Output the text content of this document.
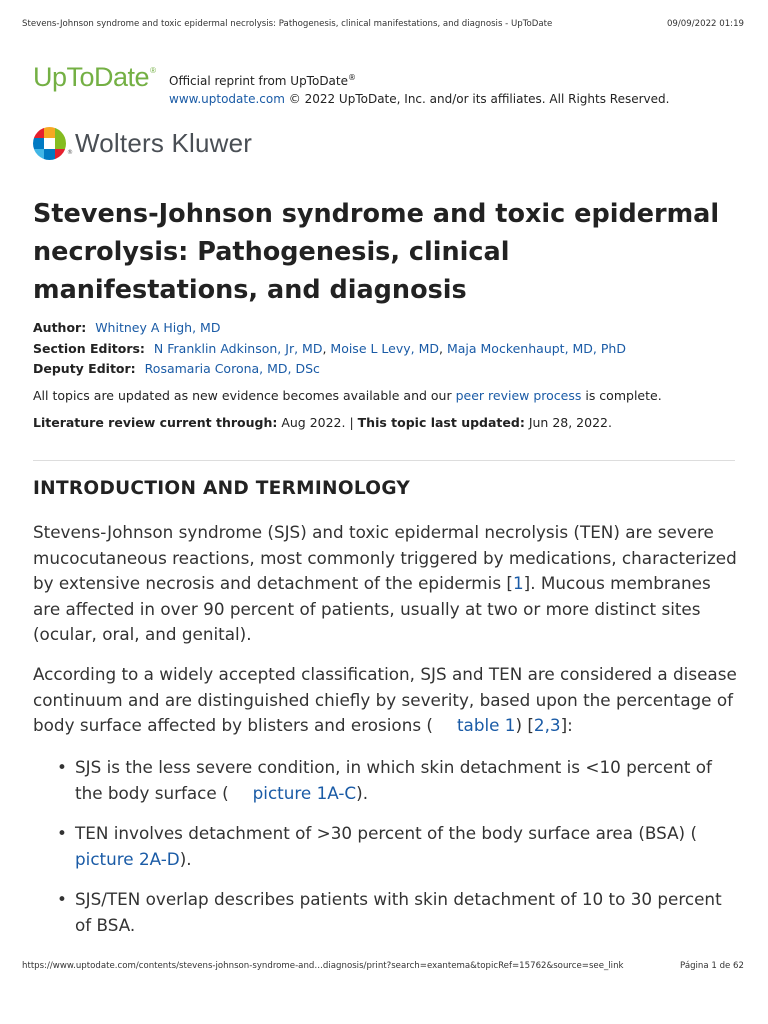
Stevens-Johnson syndrome and toxic epidermal necrolysis: Pathogenesis, clinical manifestations, and diagnosis - UpToDate	09/09/2022 01:19
UpToDate®
Official reprint from UpToDate®
www.uptodate.com © 2022 UpToDate, Inc. and/or its affiliates. All Rights Reserved.
® Wolters Kluwer
Stevens-Johnson syndrome and toxic epidermal necrolysis: Pathogenesis, clinical manifestations, and diagnosis
Author: Whitney A High, MD
Section Editors: N Franklin Adkinson, Jr, MD, Moise L Levy, MD, Maja Mockenhaupt, MD, PhD
Deputy Editor: Rosamaria Corona, MD, DSc
All topics are updated as new evidence becomes available and our peer review process is complete.
Literature review current through: Aug 2022. | This topic last updated: Jun 28, 2022.
INTRODUCTION AND TERMINOLOGY

Stevens-Johnson syndrome (SJS) and toxic epidermal necrolysis (TEN) are severe mucocutaneous reactions, most commonly triggered by medications, characterized by extensive necrosis and detachment of the epidermis [1]. Mucous membranes are affected in over 90 percent of patients, usually at two or more distinct sites (ocular, oral, and genital).

According to a widely accepted classification, SJS and TEN are considered a disease continuum and are distinguished chiefly by severity, based upon the percentage of body surface affected by blisters and erosions ( table 1) [2,3]:

• SJS is the less severe condition, in which skin detachment is <10 percent of the body surface ( picture 1A-C).
• TEN involves detachment of >30 percent of the body surface area (BSA) (picture 2A-D).
• SJS/TEN overlap describes patients with skin detachment of 10 to 30 percent of BSA.
https://www.uptodate.com/contents/stevens-johnson-syndrome-and…diagnosis/print?search=exantema&topicRef=15762&source=see_link	Página 1 de 62
